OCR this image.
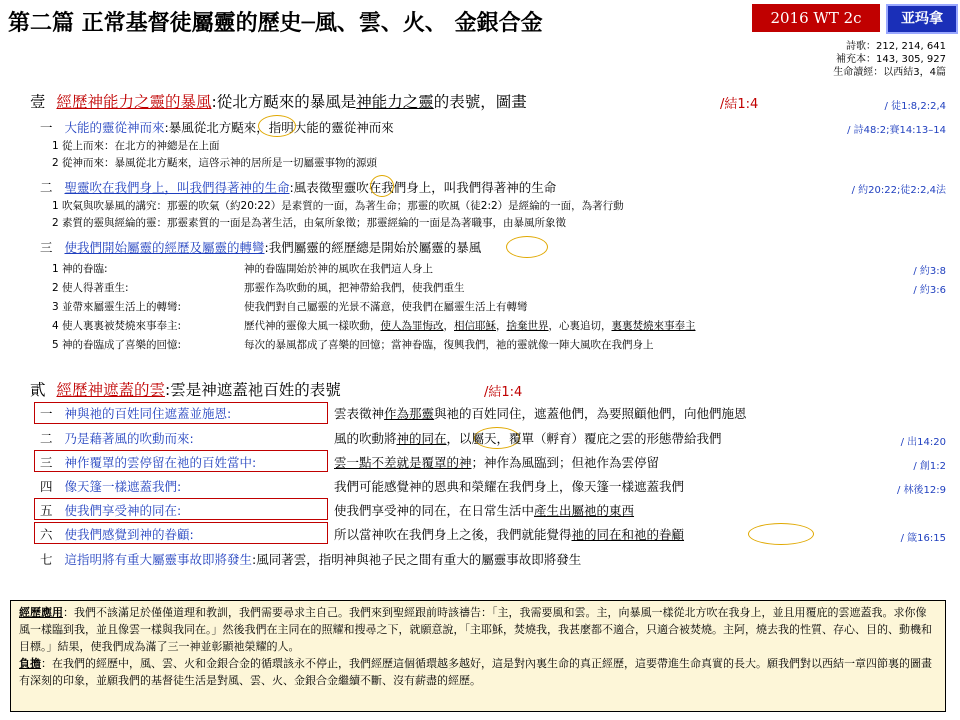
第二篇 正常基督徒屬靈的歷史─風、雲、火、 金銀合金	2016 WT 2c	亚玛拿
詩歌：212, 214, 641
補充本：143, 305, 927
生命讀經：以西結3，4篇
壹 經歷神能力之靈的暴風:從北方颳來的暴風是神能力之靈的表號，圖畫	/結1:4	/ 徒1:8,2:2,4
一 大能的靈從神而來:暴風從北方颳來，指明大能的靈從神而來	/ 詩48:2;賽14:13–14
1 從上而來：在北方的神總是在上面
2 從神而來：暴風從北方颳來，這啓示神的居所是一切屬靈事物的源頭
二 聖靈吹在我們身上，叫我們得著神的生命:風表徵聖靈吹在我們身上，叫我們得著神的生命	/ 約20:22;徒2:2,4法
1 吹氣與吹暴風的講究：那靈的吹氣（約20:22）是素質的一面，為著生命；那靈的吹風（徒2:2）是經綸的一面，為著行動
2 素質的靈與經綸的靈：那靈素質的一面是為著生活，由氣所象徵；那靈經綸的一面是為著職事，由暴風所象徵
三 使我們開始屬靈的經歷及屬靈的轉彎:我們屬靈的經歷總是開始於屬靈的暴風
1 神的眷臨:	神的眷臨開始於神的風吹在我們這人身上	/ 約3:8
2 使人得著重生:	那靈作為吹動的風，把神帶給我們，使我們重生	/ 約3:6
3 並帶來屬靈生活上的轉彎:	使我們對自己屬靈的光景不滿意，使我們在屬靈生活上有轉彎
4 使人裏裏被焚燒來事奉主:	歷代神的靈像大風一樣吹動，使人為罪悔改，相信耶穌，捨棄世界，心裏追切，裏裏焚燒來事奉主
5 神的眷臨成了喜樂的回憶:	每次的暴風都成了喜樂的回憶；當神眷臨，復興我們，祂的靈就像一陣大風吹在我們身上
貳 經歷神遮蓋的雲:雲是神遮蓋祂百姓的表號	/結1:4
一 神與祂的百姓同住遮蓋並施恩:	雲表徵神作為那靈與祂的百姓同住，遮蓋他們，為要照顧他們，向他們施恩
二 乃是藉著風的吹動而來:	風的吹動將神的同在，以屬天，覆單（孵育）覆庇之雲的形態帶給我們	/ 出14:20
三 神作覆罩的雲停留在祂的百姓當中:	雲一點不差就是覆罩的神；神作為風臨到；但祂作為雲停留	/ 創1:2
四 像天篷一樣遮蓋我們:	我們可能感覺神的恩典和榮耀在我們身上，像天篷一樣遮蓋我們	/ 林後12:9
五 使我們享受神的同在:	使我們享受神的同在，在日常生活中產生出屬祂的東西
六 使我們感覺到神的眷顧:	所以當神吹在我們身上之後，我們就能覺得祂的同在和祂的眷顧	/ 箴16:15
七 這指明將有重大屬靈事故即將發生:風同著雲，指明神與祂子民之間有重大的屬靈事故即將發生
經歷應用：我們不該滿足於僅僅道理和教訓，我們需要尋求主自己。我們來到聖經跟前時該禱告：「主，我需要風和雲。主，向暴風一樣從北方吹在我身上，並且用覆庇的雲遮蓋我。求你像風一樣臨到我，並且像雲一樣與我同在。」然後我們在主同在的照耀和搜尋之下，就願意說，「主耶穌，焚燒我，我甚麼都不適合，只適合被焚燒。主阿，燒去我的性質、存心、目的、動機和目標。」結果，使我們成為滿了三一神並彰顯祂榮耀的人。
負擔：在我們的經歷中，風、雲、火和金銀合金的循環該永不停止，我們經歷這個循環越多越好，這是對內裏生命的真正經歷，這要帶進生命真實的長大。願我們對以西結一章四節裏的圖畫有深刻的印象，並願我們的基督徒生活是對風、雲、火、金銀合金繼續不斷、沒有薪盡的經歷。
